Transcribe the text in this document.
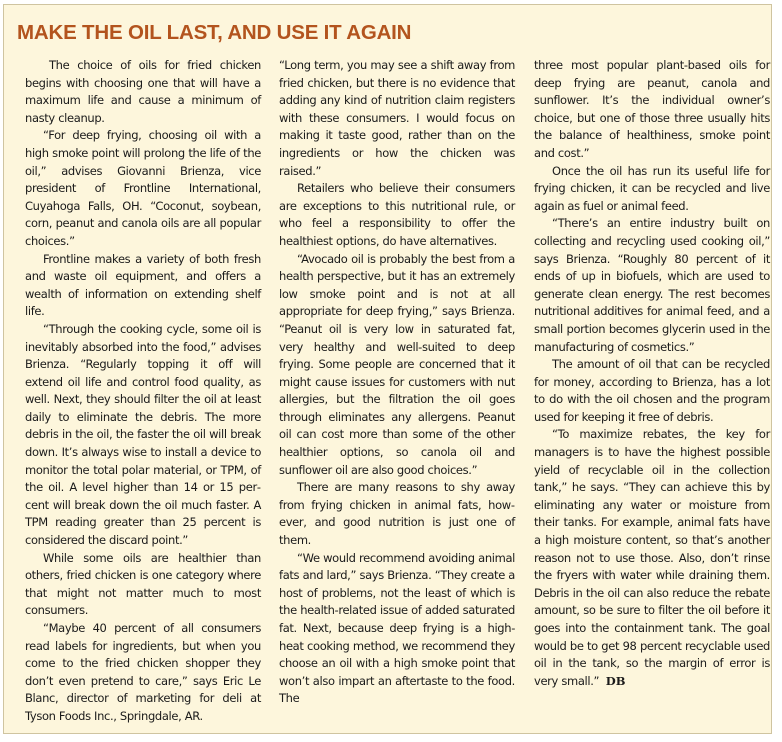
MAKE THE OIL LAST, AND USE IT AGAIN

The choice of oils for fried chicken begins with choosing one that will have a maximum life and cause a minimum of nasty cleanup.

“For deep frying, choosing oil with a high smoke point will prolong the life of the oil,” advises Giovanni Brienza, vice president of Frontline International, Cuyahoga Falls, OH. “Coconut, soybean, corn, peanut and canola oils are all popular choices.”

Frontline makes a variety of both fresh and waste oil equipment, and offers a wealth of information on extending shelf life.

“Through the cooking cycle, some oil is inevitably absorbed into the food,” advises Brienza. “Regularly topping it off will extend oil life and control food quality, as well. Next, they should filter the oil at least daily to eliminate the debris. The more debris in the oil, the faster the oil will break down. It’s always wise to install a device to monitor the total polar material, or TPM, of the oil. A level higher than 14 or 15 percent will break down the oil much faster. A TPM reading greater than 25 percent is considered the discard point.”

While some oils are healthier than others, fried chicken is one category where that might not matter much to most consumers.

“Maybe 40 percent of all consumers read labels for ingredients, but when you come to the fried chicken shopper they don’t even pretend to care,” says Eric Le Blanc, director of marketing for deli at Tyson Foods Inc., Springdale, AR.

“Long term, you may see a shift away from fried chicken, but there is no evidence that adding any kind of nutrition claim registers with these consumers. I would focus on making it taste good, rather than on the ingredients or how the chicken was raised.”

Retailers who believe their consumers are exceptions to this nutritional rule, or who feel a responsibility to offer the healthiest options, do have alternatives.

“Avocado oil is probably the best from a health perspective, but it has an extremely low smoke point and is not at all appropriate for deep frying,” says Brienza. “Peanut oil is very low in saturated fat, very healthy and well-suited to deep frying. Some people are concerned that it might cause issues for customers with nut allergies, but the filtration the oil goes through eliminates any allergens. Peanut oil can cost more than some of the other healthier options, so canola oil and sunflower oil are also good choices.”

There are many reasons to shy away from frying chicken in animal fats, however, and good nutrition is just one of them.

“We would recommend avoiding animal fats and lard,” says Brienza. “They create a host of problems, not the least of which is the health-related issue of added saturated fat. Next, because deep frying is a high-heat cooking method, we recommend they choose an oil with a high smoke point that won’t also impart an aftertaste to the food. The

three most popular plant-based oils for deep frying are peanut, canola and sunflower. It’s the individual owner’s choice, but one of those three usually hits the balance of healthiness, smoke point and cost.”

Once the oil has run its useful life for frying chicken, it can be recycled and live again as fuel or animal feed.

“There’s an entire industry built on collecting and recycling used cooking oil,” says Brienza. “Roughly 80 percent of it ends of up in biofuels, which are used to generate clean energy. The rest becomes nutritional additives for animal feed, and a small portion becomes glycerin used in the manufacturing of cosmetics.”

The amount of oil that can be recycled for money, according to Brienza, has a lot to do with the oil chosen and the program used for keeping it free of debris.

“To maximize rebates, the key for managers is to have the highest possible yield of recyclable oil in the collection tank,” he says. “They can achieve this by eliminating any water or moisture from their tanks. For example, animal fats have a high moisture content, so that’s another reason not to use those. Also, don’t rinse the fryers with water while draining them. Debris in the oil can also reduce the rebate amount, so be sure to filter the oil before it goes into the containment tank. The goal would be to get 98 percent recyclable used oil in the tank, so the margin of error is very small.” DB
